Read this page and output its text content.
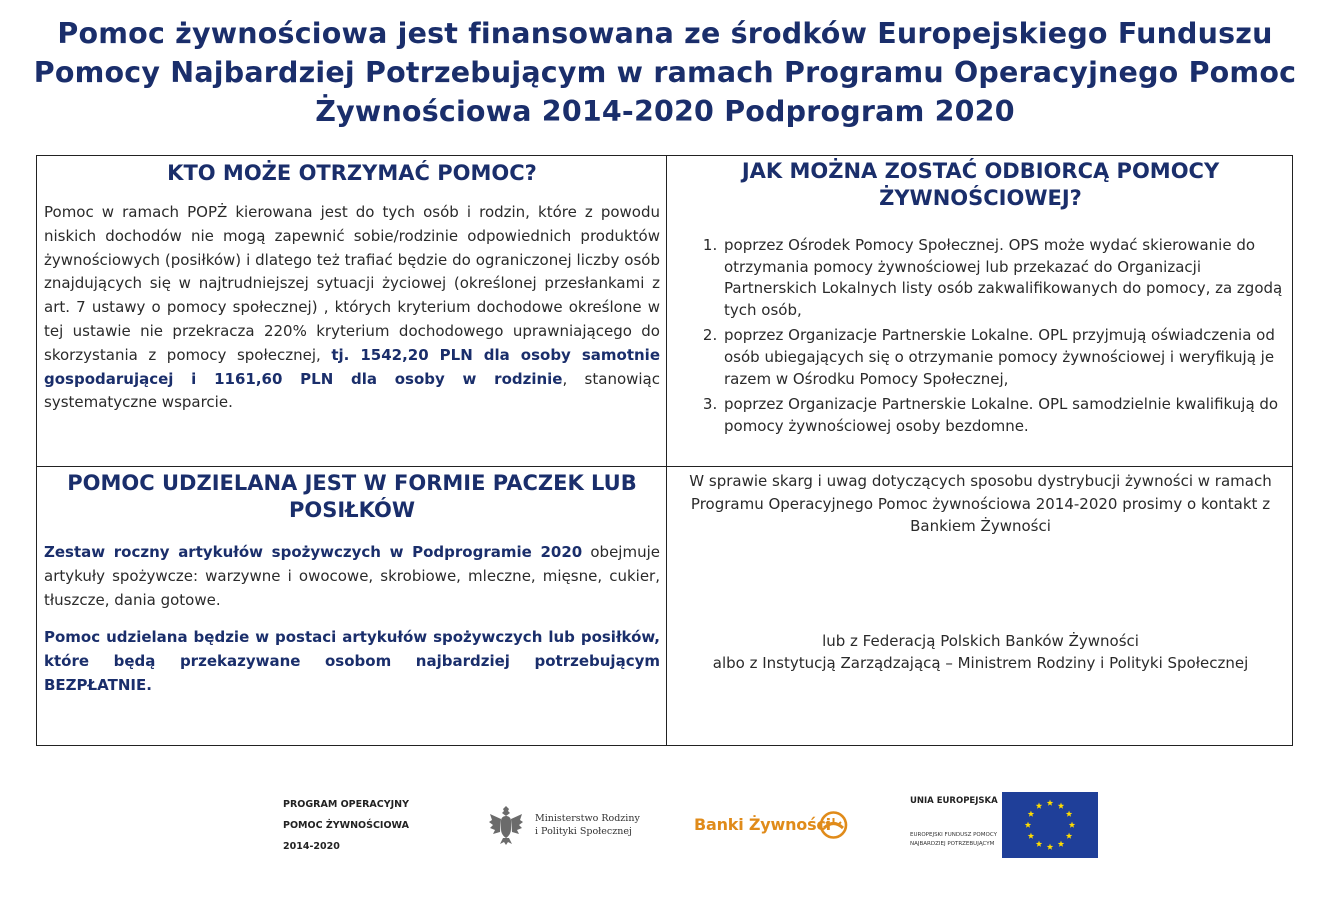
Pomoc żywnościowa jest finansowana ze środków Europejskiego Funduszu
Pomocy Najbardziej Potrzebującym w ramach Programu Operacyjnego Pomoc
Żywnościowa 2014-2020 Podprogram 2020
KTO MOŻE OTRZYMAĆ POMOC?

Pomoc w ramach POPŻ kierowana jest do tych osób i rodzin, które z powodu niskich dochodów nie mogą zapewnić sobie/rodzinie odpowiednich produktów żywnościowych (posiłków) i dlatego też trafiać będzie do ograniczonej liczby osób znajdujących się w najtrudniejszej sytuacji życiowej (określonej przesłankami z art. 7 ustawy o pomocy społecznej) , których kryterium dochodowe określone w tej ustawie nie przekracza 220% kryterium dochodowego uprawniającego do skorzystania z pomocy społecznej, tj. 1542,20 PLN dla osoby samotnie gospodarującej i 1161,60 PLN dla osoby w rodzinie, stanowiąc systematyczne wsparcie.

JAK MOŻNA ZOSTAĆ ODBIORCĄ POMOCY ŻYWNOŚCIOWEJ?
1. poprzez Ośrodek Pomocy Społecznej. OPS może wydać skierowanie do otrzymania pomocy żywnościowej lub przekazać do Organizacji Partnerskich Lokalnych listy osób zakwalifikowanych do pomocy, za zgodą tych osób,
2. poprzez Organizacje Partnerskie Lokalne. OPL przyjmują oświadczenia od osób ubiegających się o otrzymanie pomocy żywnościowej i weryfikują je razem w Ośrodku Pomocy Społecznej,
3. poprzez Organizacje Partnerskie Lokalne. OPL samodzielnie kwalifikują do pomocy żywnościowej osoby bezdomne.
POMOC UDZIELANA JEST W FORMIE PACZEK LUB POSIŁKÓW

Zestaw roczny artykułów spożywczych w Podprogramie 2020 obejmuje artykuły spożywcze: warzywne i owocowe, skrobiowe, mleczne, mięsne, cukier, tłuszcze, dania gotowe.

Pomoc udzielana będzie w postaci artykułów spożywczych lub posiłków, które będą przekazywane osobom najbardziej potrzebującym BEZPŁATNIE.

W sprawie skarg i uwag dotyczących sposobu dystrybucji żywności w ramach Programu Operacyjnego Pomoc żywnościowa 2014-2020 prosimy o kontakt z Bankiem Żywności

lub z Federacją Polskich Banków Żywności
albo z Instytucją Zarządzającą – Ministrem Rodziny i Polityki Społecznej

PROGRAM OPERACYJNY
POMOC ŻYWNOŚCIOWA
2014-2020
Ministerstwo Rodziny
i Polityki Społecznej	Banki Żywności
UNIA EUROPEJSKA
EUROPEJSKI FUNDUSZ POMOCY
NAJBARDZIEJ POTRZEBUJĄCYM
